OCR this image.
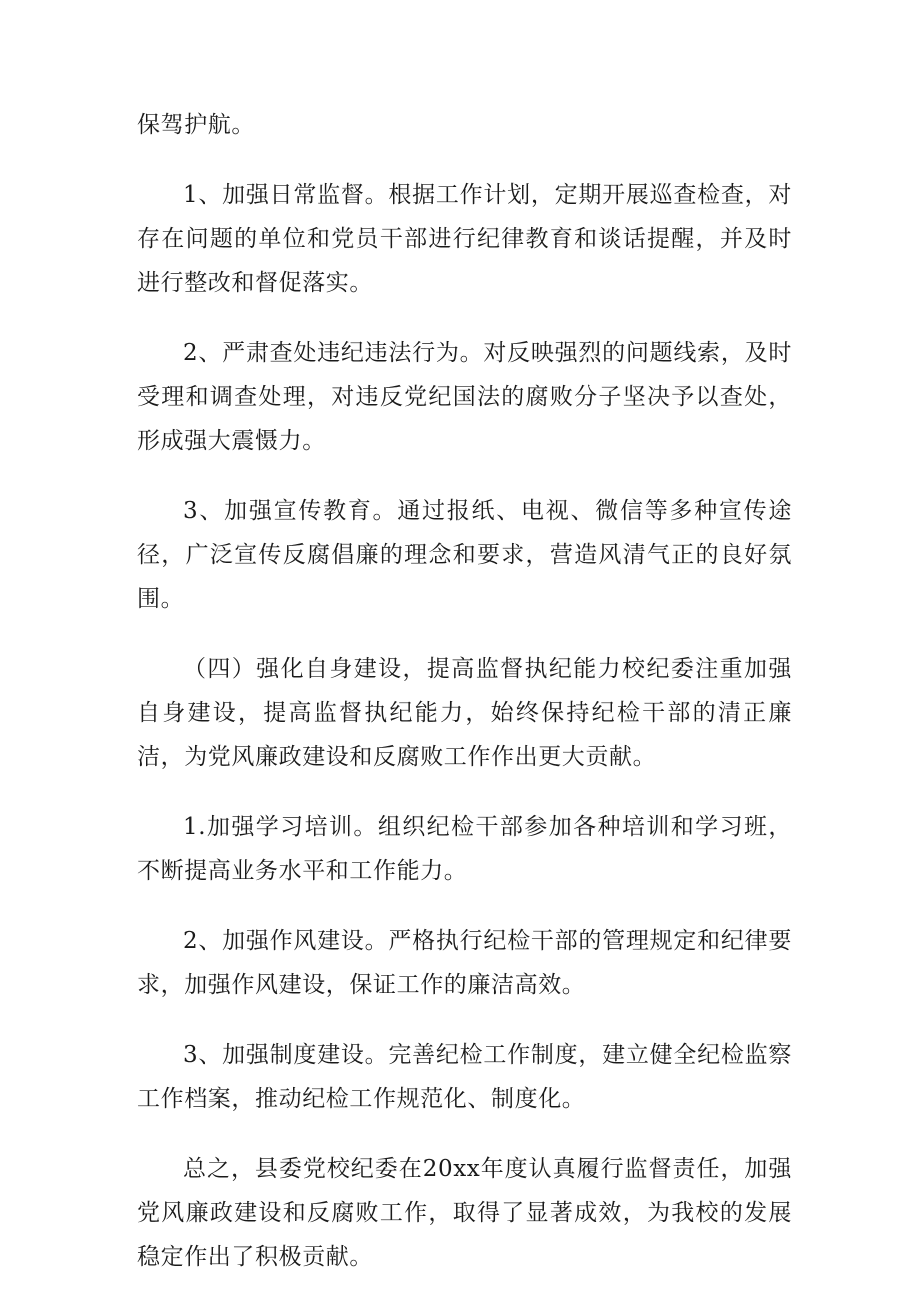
保驾护航。

1、加强日常监督。根据工作计划，定期开展巡查检查，对存在问题的单位和党员干部进行纪律教育和谈话提醒，并及时进行整改和督促落实。

2、严肃查处违纪违法行为。对反映强烈的问题线索，及时受理和调查处理，对违反党纪国法的腐败分子坚决予以查处，形成强大震慑力。

3、加强宣传教育。通过报纸、电视、微信等多种宣传途径，广泛宣传反腐倡廉的理念和要求，营造风清气正的良好氛围。

（四）强化自身建设，提高监督执纪能力校纪委注重加强自身建设，提高监督执纪能力，始终保持纪检干部的清正廉洁，为党风廉政建设和反腐败工作作出更大贡献。

1.加强学习培训。组织纪检干部参加各种培训和学习班，不断提高业务水平和工作能力。

2、加强作风建设。严格执行纪检干部的管理规定和纪律要求，加强作风建设，保证工作的廉洁高效。

3、加强制度建设。完善纪检工作制度，建立健全纪检监察工作档案，推动纪检工作规范化、制度化。

总之，县委党校纪委在20xx年度认真履行监督责任，加强党风廉政建设和反腐败工作，取得了显著成效，为我校的发展稳定作出了积极贡献。
